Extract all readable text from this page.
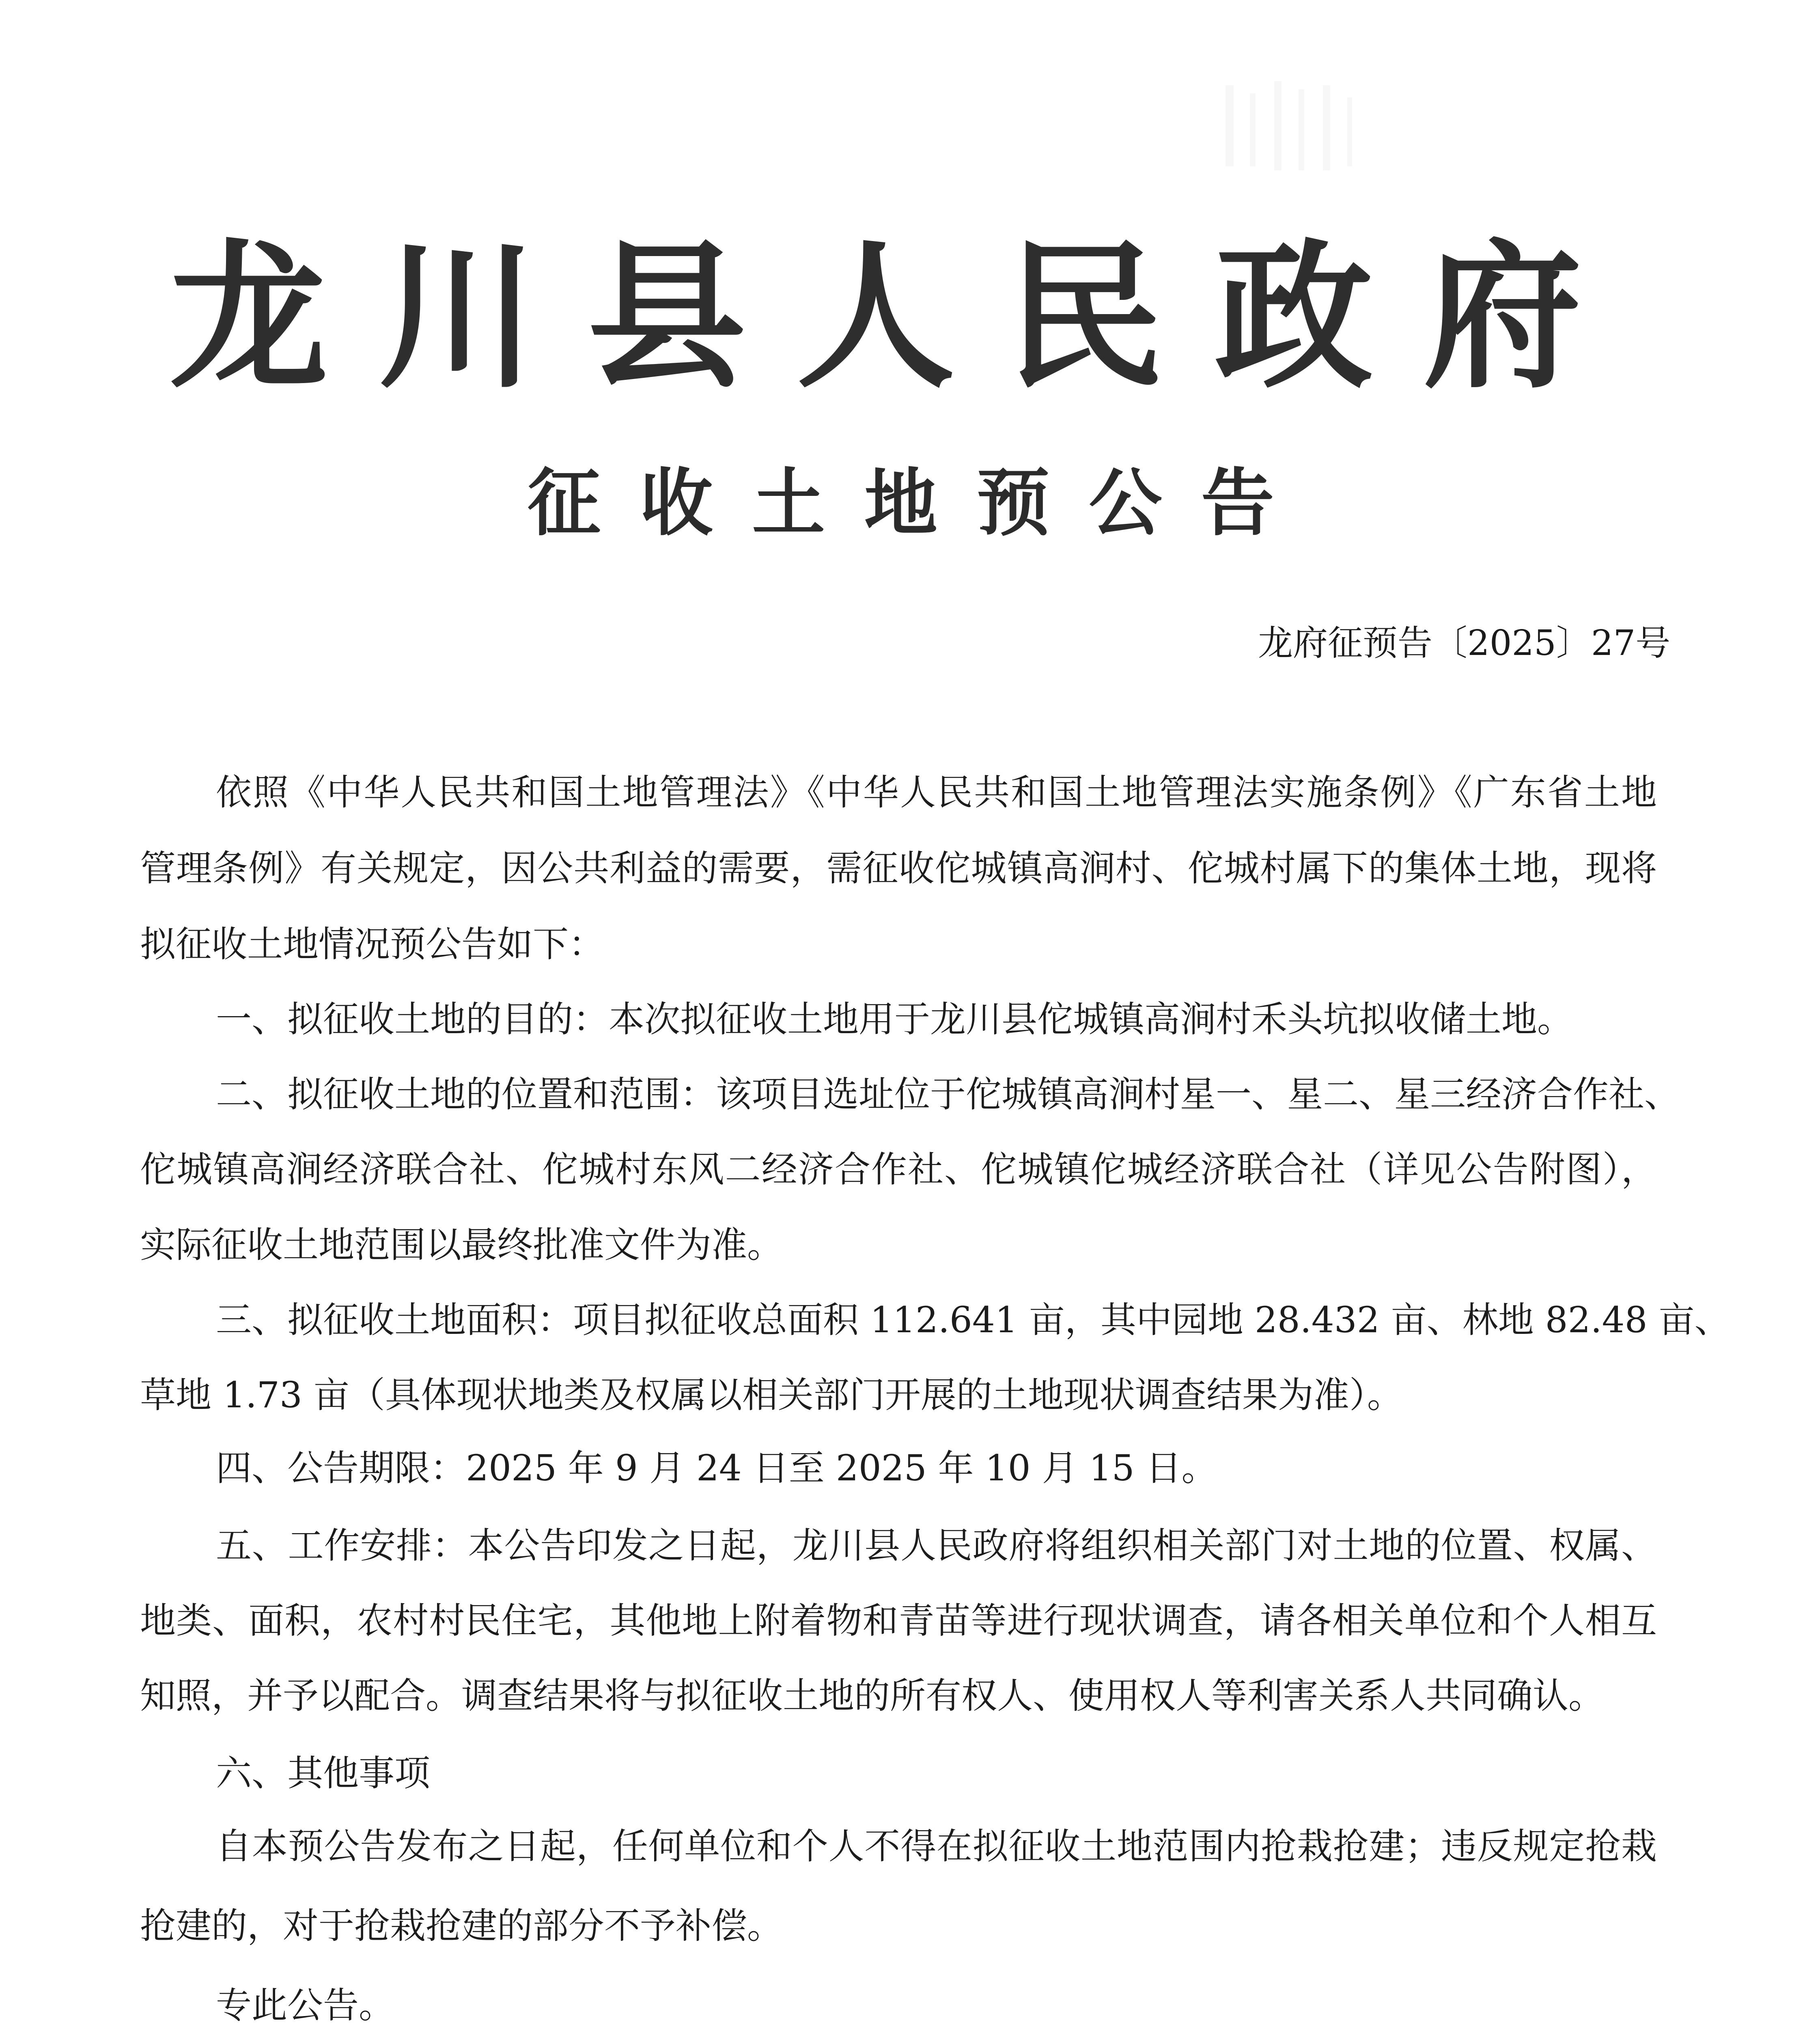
龙 川 县 人 民 政 府
征 收 土 地 预 公 告
龙府征预告〔2025〕27号
依照《中华人民共和国土地管理法》《中华人民共和国土地管理法实施条例》《广东省土地
管理条例》有关规定，因公共利益的需要，需征收佗城镇高涧村、佗城村属下的集体土地，现将
拟征收土地情况预公告如下：
一、拟征收土地的目的：本次拟征收土地用于龙川县佗城镇高涧村禾头坑拟收储土地。
二、拟征收土地的位置和范围：该项目选址位于佗城镇高涧村星一、星二、星三经济合作社、
佗城镇高涧经济联合社、佗城村东风二经济合作社、佗城镇佗城经济联合社（详见公告附图），
实际征收土地范围以最终批准文件为准。
三、拟征收土地面积：项目拟征收总面积 112.641 亩，其中园地 28.432 亩、林地 82.48 亩、
草地 1.73 亩（具体现状地类及权属以相关部门开展的土地现状调查结果为准）。
四、公告期限：2025 年 9 月 24 日至 2025 年 10 月 15 日。
五、工作安排：本公告印发之日起，龙川县人民政府将组织相关部门对土地的位置、权属、
地类、面积，农村村民住宅，其他地上附着物和青苗等进行现状调查，请各相关单位和个人相互
知照，并予以配合。调查结果将与拟征收土地的所有权人、使用权人等利害关系人共同确认。
六、其他事项
自本预公告发布之日起，任何单位和个人不得在拟征收土地范围内抢栽抢建；违反规定抢栽
抢建的，对于抢栽抢建的部分不予补偿。
专此公告。
